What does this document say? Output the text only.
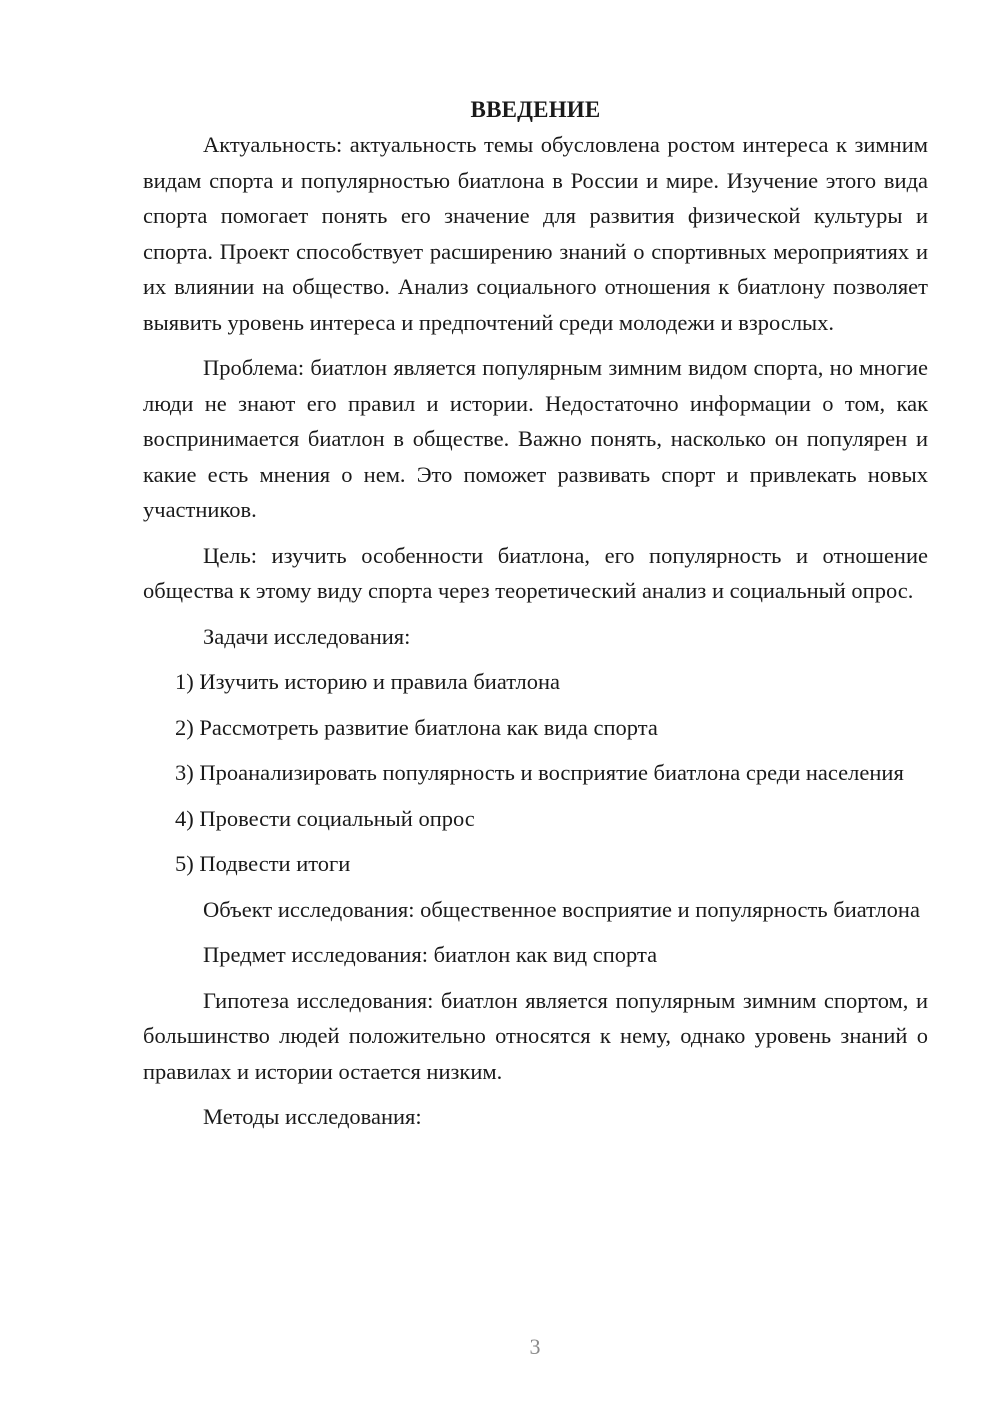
ВВЕДЕНИЕ

Актуальность: актуальность темы обусловлена ростом интереса к зимним видам спорта и популярностью биатлона в России и мире. Изучение этого вида спорта помогает понять его значение для развития физической культуры и спорта. Проект способствует расширению знаний о спортивных мероприятиях и их влиянии на общество. Анализ социального отношения к биатлону позволяет выявить уровень интереса и предпочтений среди молодежи и взрослых.

Проблема: биатлон является популярным зимним видом спорта, но многие люди не знают его правил и истории. Недостаточно информации о том, как воспринимается биатлон в обществе. Важно понять, насколько он популярен и какие есть мнения о нем. Это поможет развивать спорт и привлекать новых участников.

Цель: изучить особенности биатлона, его популярность и отношение общества к этому виду спорта через теоретический анализ и социальный опрос.

Задачи исследования:

1) Изучить историю и правила биатлона

2) Рассмотреть развитие биатлона как вида спорта

3) Проанализировать популярность и восприятие биатлона среди населения

4) Провести социальный опрос

5) Подвести итоги

Объект исследования: общественное восприятие и популярность биатлона

Предмет исследования: биатлон как вид спорта

Гипотеза исследования: биатлон является популярным зимним спортом, и большинство людей положительно относятся к нему, однако уровень знаний о правилах и истории остается низким.

Методы исследования:

3
